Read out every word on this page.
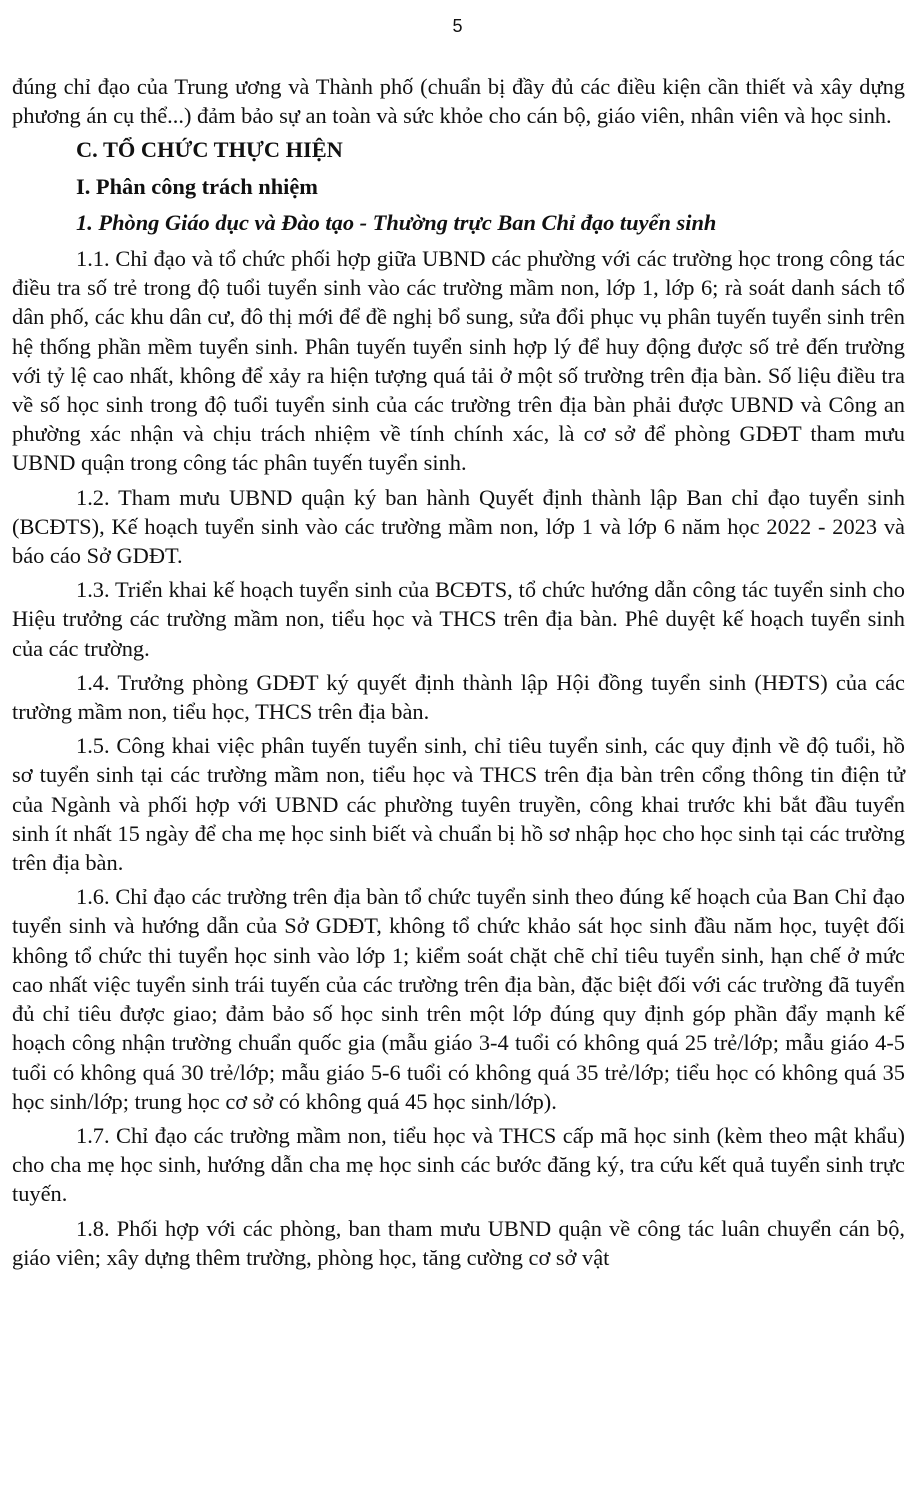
5

đúng chỉ đạo của Trung ương và Thành phố (chuẩn bị đầy đủ các điều kiện cần thiết và xây dựng phương án cụ thể...) đảm bảo sự an toàn và sức khỏe cho cán bộ, giáo viên, nhân viên và học sinh.

C. TỔ CHỨC THỰC HIỆN
I. Phân công trách nhiệm
1. Phòng Giáo dục và Đào tạo - Thường trực Ban Chỉ đạo tuyển sinh

1.1. Chỉ đạo và tổ chức phối hợp giữa UBND các phường với các trường học trong công tác điều tra số trẻ trong độ tuổi tuyển sinh vào các trường mầm non, lớp 1, lớp 6; rà soát danh sách tổ dân phố, các khu dân cư, đô thị mới để đề nghị bổ sung, sửa đổi phục vụ phân tuyến tuyển sinh trên hệ thống phần mềm tuyển sinh. Phân tuyến tuyển sinh hợp lý để huy động được số trẻ đến trường với tỷ lệ cao nhất, không để xảy ra hiện tượng quá tải ở một số trường trên địa bàn. Số liệu điều tra về số học sinh trong độ tuổi tuyển sinh của các trường trên địa bàn phải được UBND và Công an phường xác nhận và chịu trách nhiệm về tính chính xác, là cơ sở để phòng GDĐT tham mưu UBND quận trong công tác phân tuyến tuyển sinh.

1.2. Tham mưu UBND quận ký ban hành Quyết định thành lập Ban chỉ đạo tuyển sinh (BCĐTS), Kế hoạch tuyển sinh vào các trường mầm non, lớp 1 và lớp 6 năm học 2022 - 2023 và báo cáo Sở GDĐT.

1.3. Triển khai kế hoạch tuyển sinh của BCĐTS, tổ chức hướng dẫn công tác tuyển sinh cho Hiệu trưởng các trường mầm non, tiểu học và THCS trên địa bàn. Phê duyệt kế hoạch tuyển sinh của các trường.

1.4. Trưởng phòng GDĐT ký quyết định thành lập Hội đồng tuyển sinh (HĐTS) của các trường mầm non, tiểu học, THCS trên địa bàn.

1.5. Công khai việc phân tuyến tuyển sinh, chỉ tiêu tuyển sinh, các quy định về độ tuổi, hồ sơ tuyển sinh tại các trường mầm non, tiểu học và THCS trên địa bàn trên cổng thông tin điện tử của Ngành và phối hợp với UBND các phường tuyên truyền, công khai trước khi bắt đầu tuyển sinh ít nhất 15 ngày để cha mẹ học sinh biết và chuẩn bị hồ sơ nhập học cho học sinh tại các trường trên địa bàn.

1.6. Chỉ đạo các trường trên địa bàn tổ chức tuyển sinh theo đúng kế hoạch của Ban Chỉ đạo tuyển sinh và hướng dẫn của Sở GDĐT, không tổ chức khảo sát học sinh đầu năm học, tuyệt đối không tổ chức thi tuyển học sinh vào lớp 1; kiểm soát chặt chẽ chỉ tiêu tuyển sinh, hạn chế ở mức cao nhất việc tuyển sinh trái tuyến của các trường trên địa bàn, đặc biệt đối với các trường đã tuyển đủ chỉ tiêu được giao; đảm bảo số học sinh trên một lớp đúng quy định góp phần đẩy mạnh kế hoạch công nhận trường chuẩn quốc gia (mẫu giáo 3-4 tuổi có không quá 25 trẻ/lớp; mẫu giáo 4-5 tuổi có không quá 30 trẻ/lớp; mẫu giáo 5-6 tuổi có không quá 35 trẻ/lớp; tiểu học có không quá 35 học sinh/lớp; trung học cơ sở có không quá 45 học sinh/lớp).

1.7. Chỉ đạo các trường mầm non, tiểu học và THCS cấp mã học sinh (kèm theo mật khẩu) cho cha mẹ học sinh, hướng dẫn cha mẹ học sinh các bước đăng ký, tra cứu kết quả tuyển sinh trực tuyến.

1.8. Phối hợp với các phòng, ban tham mưu UBND quận về công tác luân chuyển cán bộ, giáo viên; xây dựng thêm trường, phòng học, tăng cường cơ sở vật
